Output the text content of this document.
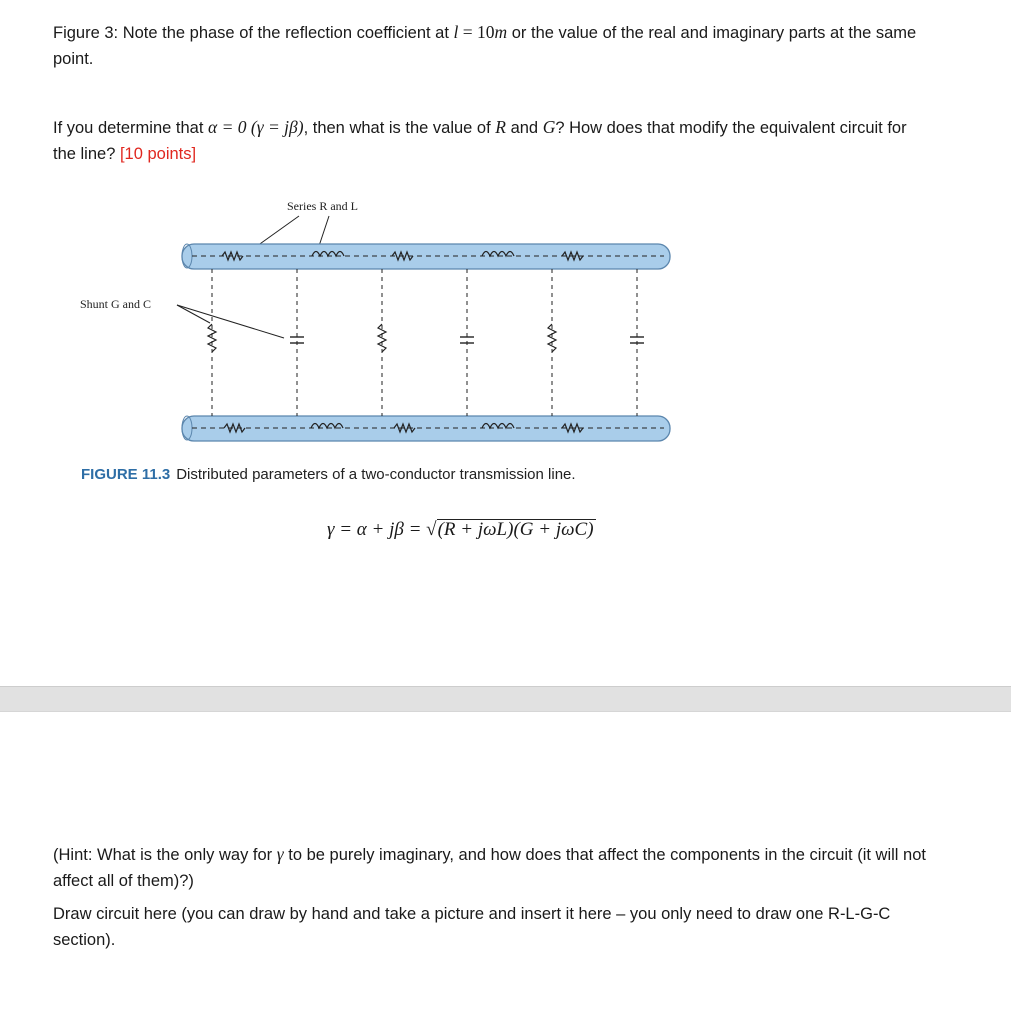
Figure 3: Note the phase of the reflection coefficient at l = 10m or the value of the real and imaginary parts at the same point.

If you determine that α = 0 (γ = jβ), then what is the value of R and G? How does that modify the equivalent circuit for the line? [10 points]

Series R and L
Shunt G and C
FIGURE 11.3 Distributed parameters of a two-conductor transmission line.
γ = α + jβ = √(R + jωL)(G + jωC)

(Hint: What is the only way for γ to be purely imaginary, and how does that affect the components in the circuit (it will not affect all of them)?)

Draw circuit here (you can draw by hand and take a picture and insert it here – you only need to draw one R-L-G-C section).
